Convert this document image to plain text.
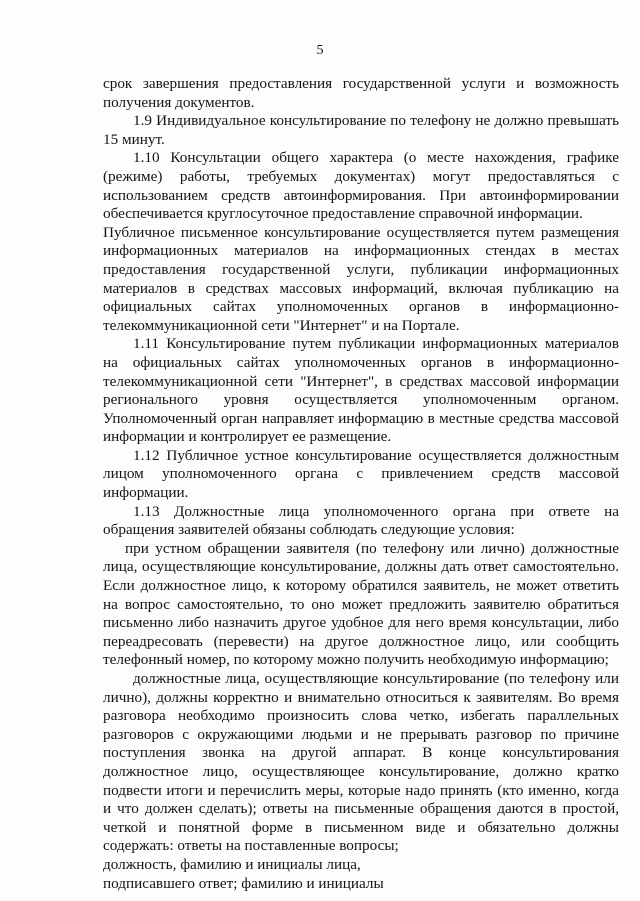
5

срок завершения предоставления государственной услуги и возможность получения документов.

1.9 Индивидуальное консультирование по телефону не должно превышать 15 минут.

1.10 Консультации общего характера (о месте нахождения, графике (режиме) работы, требуемых документах) могут предоставляться с использованием средств автоинформирования. При автоинформировании обеспечивается круглосуточное предоставление справочной информации.

Публичное письменное консультирование осуществляется путем размещения информационных материалов на информационных стендах в местах предоставления государственной услуги, публикации информационных материалов в средствах массовых информаций, включая публикацию на официальных сайтах уполномоченных органов в информационно-телекоммуникационной сети "Интернет" и на Портале.

1.11 Консультирование путем публикации информационных материалов на официальных сайтах уполномоченных органов в информационно-телекоммуникационной сети "Интернет", в средствах массовой информации регионального уровня осуществляется уполномоченным органом. Уполномоченный орган направляет информацию в местные средства массовой информации и контролирует ее размещение.

1.12 Публичное устное консультирование осуществляется должностным лицом уполномоченного органа с привлечением средств массовой информации.

1.13 Должностные лица уполномоченного органа при ответе на обращения заявителей обязаны соблюдать следующие условия:

при устном обращении заявителя (по телефону или лично) должностные лица, осуществляющие консультирование, должны дать ответ самостоятельно. Если должностное лицо, к которому обратился заявитель, не может ответить на вопрос самостоятельно, то оно может предложить заявителю обратиться письменно либо назначить другое удобное для него время консультации, либо переадресовать (перевести) на другое должностное лицо, или сообщить телефонный номер, по которому можно получить необходимую информацию;

должностные лица, осуществляющие консультирование (по телефону или лично), должны корректно и внимательно относиться к заявителям. Во время разговора необходимо произносить слова четко, избегать параллельных разговоров с окружающими людьми и не прерывать разговор по причине поступления звонка на другой аппарат. В конце консультирования должностное лицо, осуществляющее консультирование, должно кратко подвести итоги и перечислить меры, которые надо принять (кто именно, когда и что должен сделать); ответы на письменные обращения даются в простой, четкой и понятной форме в письменном виде и обязательно должны содержать: ответы на поставленные вопросы;

должность, фамилию и инициалы лица,

подписавшего ответ; фамилию и инициалы
